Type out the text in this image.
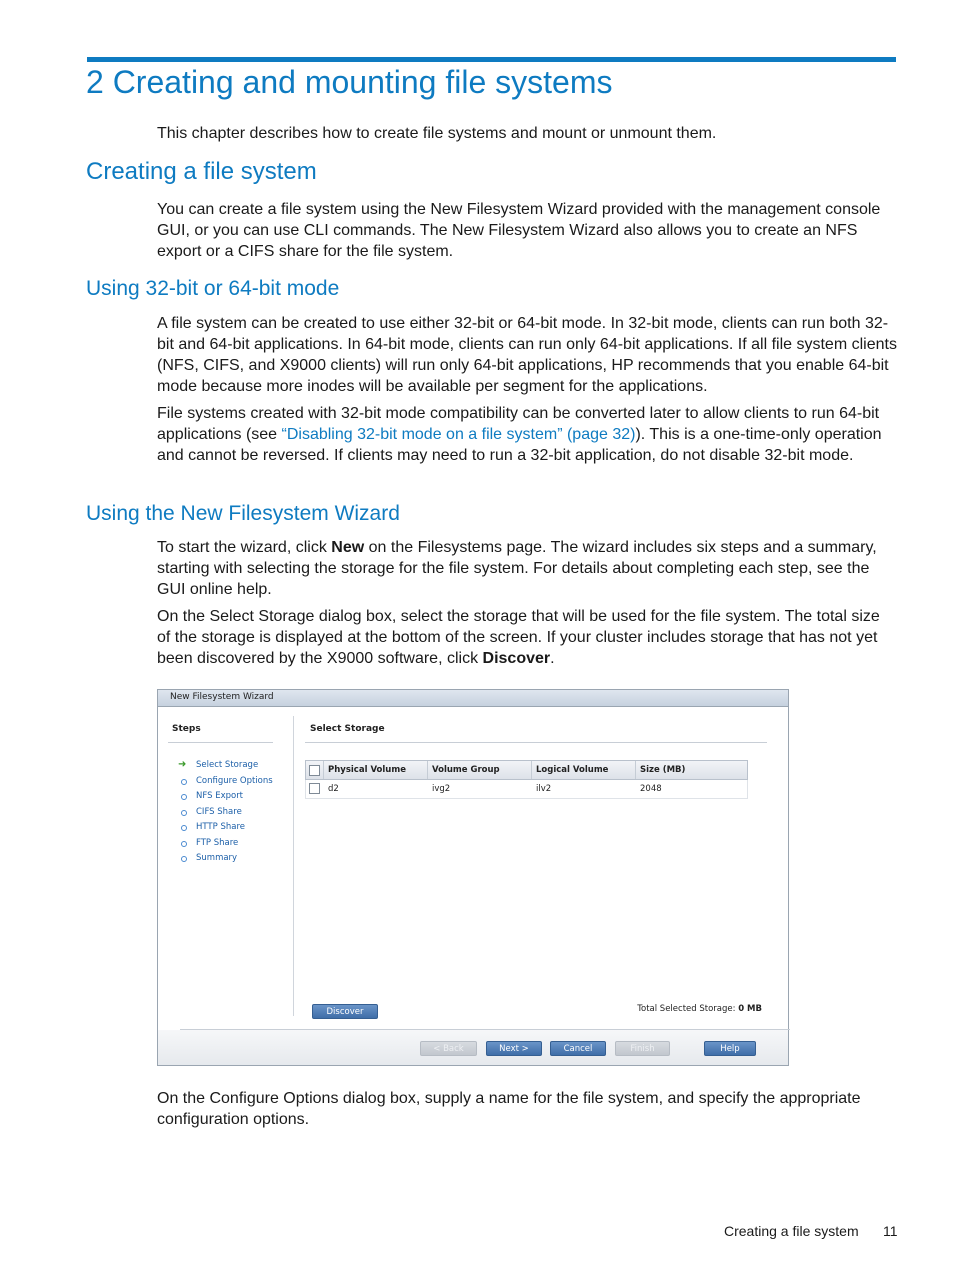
2 Creating and mounting file systems

This chapter describes how to create file systems and mount or unmount them.

Creating a file system

You can create a file system using the New Filesystem Wizard provided with the management console GUI, or you can use CLI commands. The New Filesystem Wizard also allows you to create an NFS export or a CIFS share for the file system.

Using 32-bit or 64-bit mode

A file system can be created to use either 32-bit or 64-bit mode. In 32-bit mode, clients can run both 32-bit and 64-bit applications. In 64-bit mode, clients can run only 64-bit applications. If all file system clients (NFS, CIFS, and X9000 clients) will run only 64-bit applications, HP recommends that you enable 64-bit mode because more inodes will be available per segment for the applications.

File systems created with 32-bit mode compatibility can be converted later to allow clients to run 64-bit applications (see “Disabling 32-bit mode on a file system” (page 32)). This is a one-time-only operation and cannot be reversed. If clients may need to run a 32-bit application, do not disable 32-bit mode.

Using the New Filesystem Wizard

To start the wizard, click New on the Filesystems page. The wizard includes six steps and a summary, starting with selecting the storage for the file system. For details about completing each step, see the GUI online help.

On the Select Storage dialog box, select the storage that will be used for the file system. The total size of the storage is displayed at the bottom of the screen. If your cluster includes storage that has not yet been discovered by the X9000 software, click Discover.

New Filesystem Wizard
Steps
➜ Select Storage
Configure Options
NFS Export
CIFS Share
HTTP Share
FTP Share
Summary
Select Storage
Physical Volume	Volume Group	Logical Volume	Size (MB)
d2	ivg2	ilv2	2048
Discover	Total Selected Storage: 0 MB
< Back	Next >	Cancel	Finish	Help

On the Configure Options dialog box, supply a name for the file system, and specify the appropriate configuration options.

Creating a file system 11
